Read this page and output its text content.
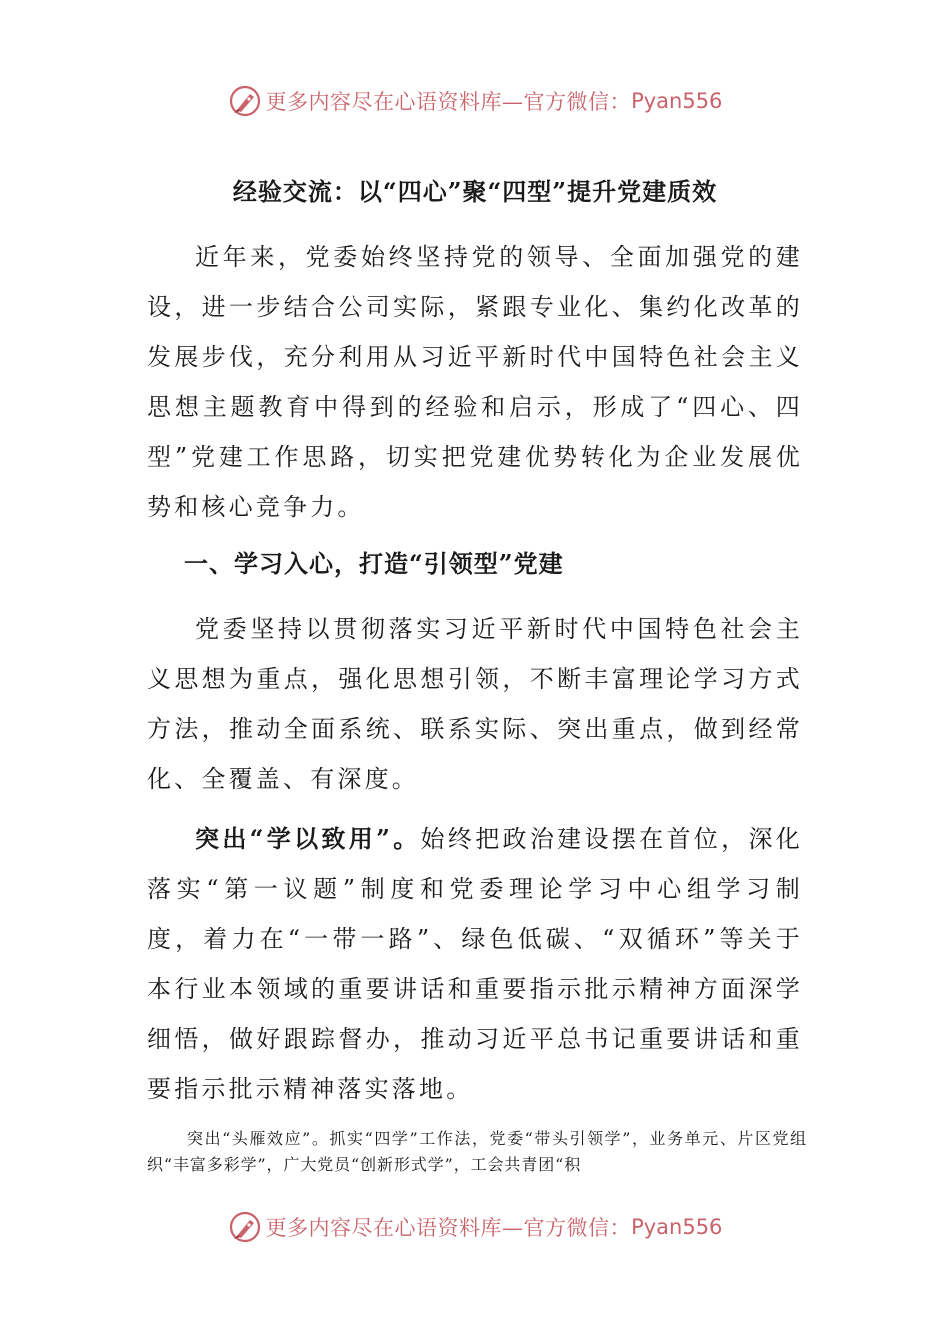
更多内容尽在心语资料库—官方微信： Pyan556
经验交流：以“四心”聚“四型”提升党建质效

近年来，党委始终坚持党的领导、全面加强党的建设，进一步结合公司实际，紧跟专业化、集约化改革的发展步伐，充分利用从习近平新时代中国特色社会主义思想主题教育中得到的经验和启示，形成了“四心、四型”党建工作思路，切实把党建优势转化为企业发展优势和核心竞争力。

一、学习入心，打造“引领型”党建

党委坚持以贯彻落实习近平新时代中国特色社会主义思想为重点，强化思想引领，不断丰富理论学习方式方法，推动全面系统、联系实际、突出重点，做到经常化、全覆盖、有深度。

突出“学以致用”。始终把政治建设摆在首位，深化落实“第一议题”制度和党委理论学习中心组学习制度，着力在“一带一路”、绿色低碳、“双循环”等关于本行业本领域的重要讲话和重要指示批示精神方面深学细悟，做好跟踪督办，推动习近平总书记重要讲话和重要指示批示精神落实落地。

突出“头雁效应”。抓实“四学”工作法，党委“带头引领学”，业务单元、片区党组织“丰富多彩学”，广大党员“创新形式学”，工会共青团“积

更多内容尽在心语资料库—官方微信： Pyan556
